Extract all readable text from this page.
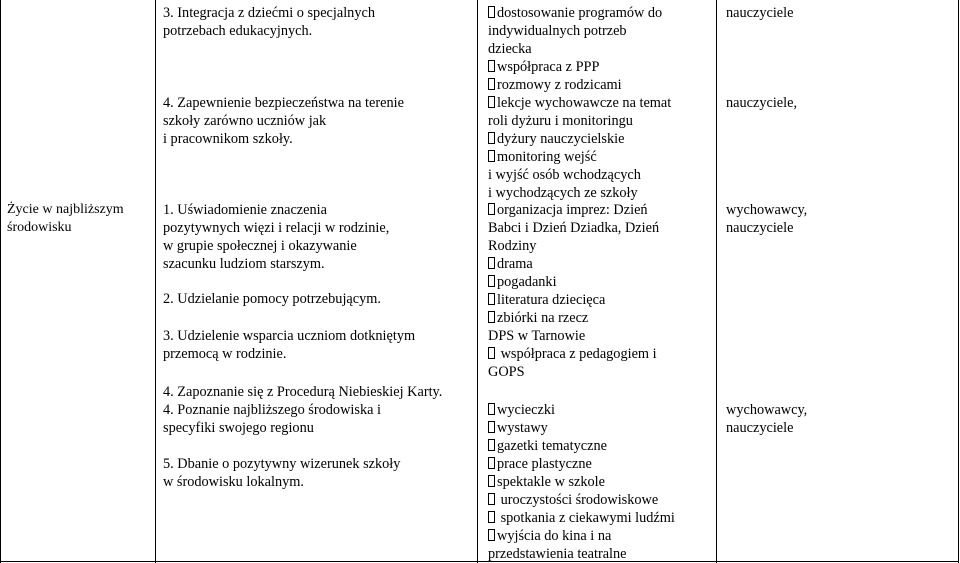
Życie w najbliższym
środowisku
3. Integracja z dziećmi o specjalnych
potrzebach edukacyjnych.
4. Zapewnienie bezpieczeństwa na terenie
szkoły zarówno uczniów jak
i pracownikom szkoły.
1. Uświadomienie znaczenia
pozytywnych więzi i relacji w rodzinie,
w grupie społecznej i okazywanie
szacunku ludziom starszym.
2. Udzielanie pomocy potrzebującym.
3. Udzielenie wsparcia uczniom dotkniętym
przemocą w rodzinie.
4. Zapoznanie się z Procedurą Niebieskiej Karty.
4. Poznanie najbliższego środowiska i
specyfiki swojego regionu
5. Dbanie o pozytywny wizerunek szkoły
w środowisku lokalnym.
dostosowanie programów do
indywidualnych potrzeb
dziecka
współpraca z PPP
rozmowy z rodzicami
lekcje wychowawcze na temat
roli dyżuru i monitoringu
dyżury nauczycielskie
monitoring wejść
i wyjść osób wchodzących
i wychodzących ze szkoły
organizacja imprez: Dzień
Babci i Dzień Dziadka, Dzień
Rodziny
drama
pogadanki
literatura dziecięca
zbiórki na rzecz
DPS w Tarnowie
współpraca z pedagogiem i
GOPS
wycieczki
wystawy
gazetki tematyczne
prace plastyczne
spektakle w szkole
uroczystości środowiskowe
spotkania z ciekawymi ludźmi
wyjścia do kina i na
przedstawienia teatralne
nauczyciele
nauczyciele,
wychowawcy,
nauczyciele
wychowawcy,
nauczyciele
